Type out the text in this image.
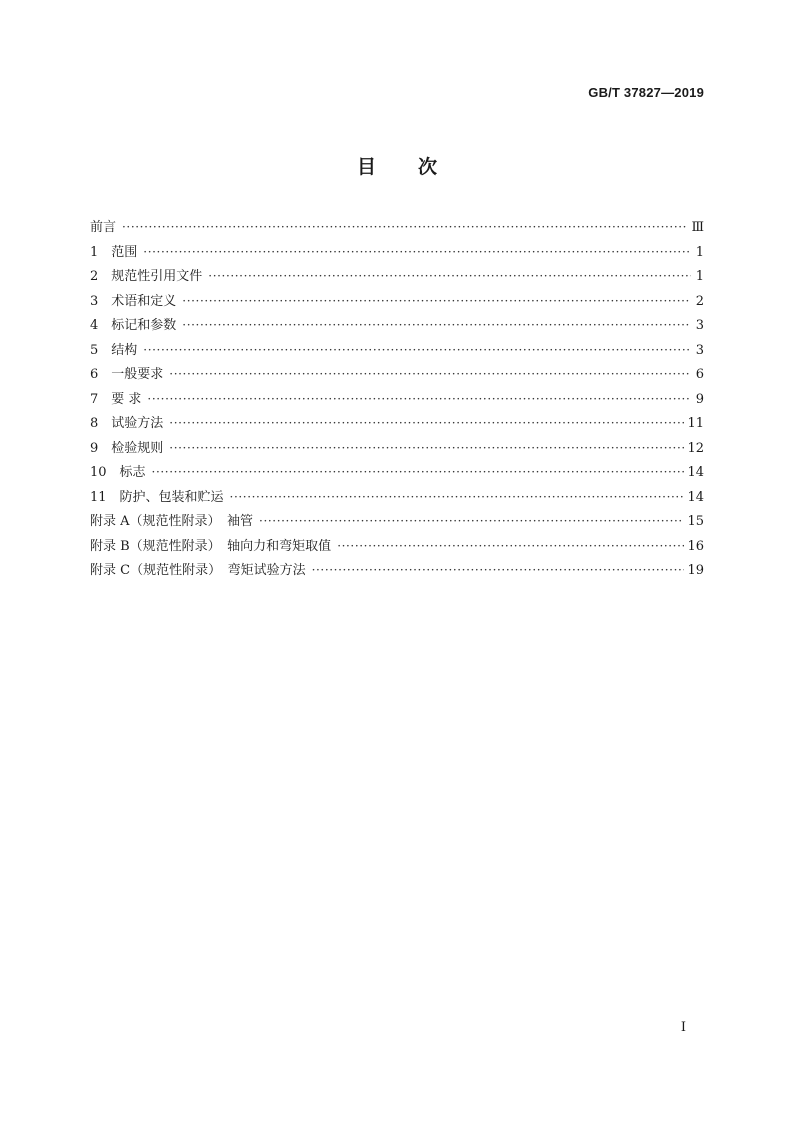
GB/T 37827—2019
目次
前言 ·····	Ⅲ
1　范围 ·····	1
2　规范性引用文件 ·····	1
3　术语和定义 ·····	2
4　标记和参数 ·····	3
5　结构 ·····	3
6　一般要求 ·····	6
7　要 求 ·····	9
8　试验方法 ·····	11
9　检验规则 ·····	12
10　标志 ·····	14
11　防护、包装和贮运 ·····	14
附录 A（规范性附录）　袖管 ·····	15
附录 B（规范性附录）　轴向力和弯矩取值 ·····	16
附录 C（规范性附录）　弯矩试验方法 ·····	19
Ⅰ
